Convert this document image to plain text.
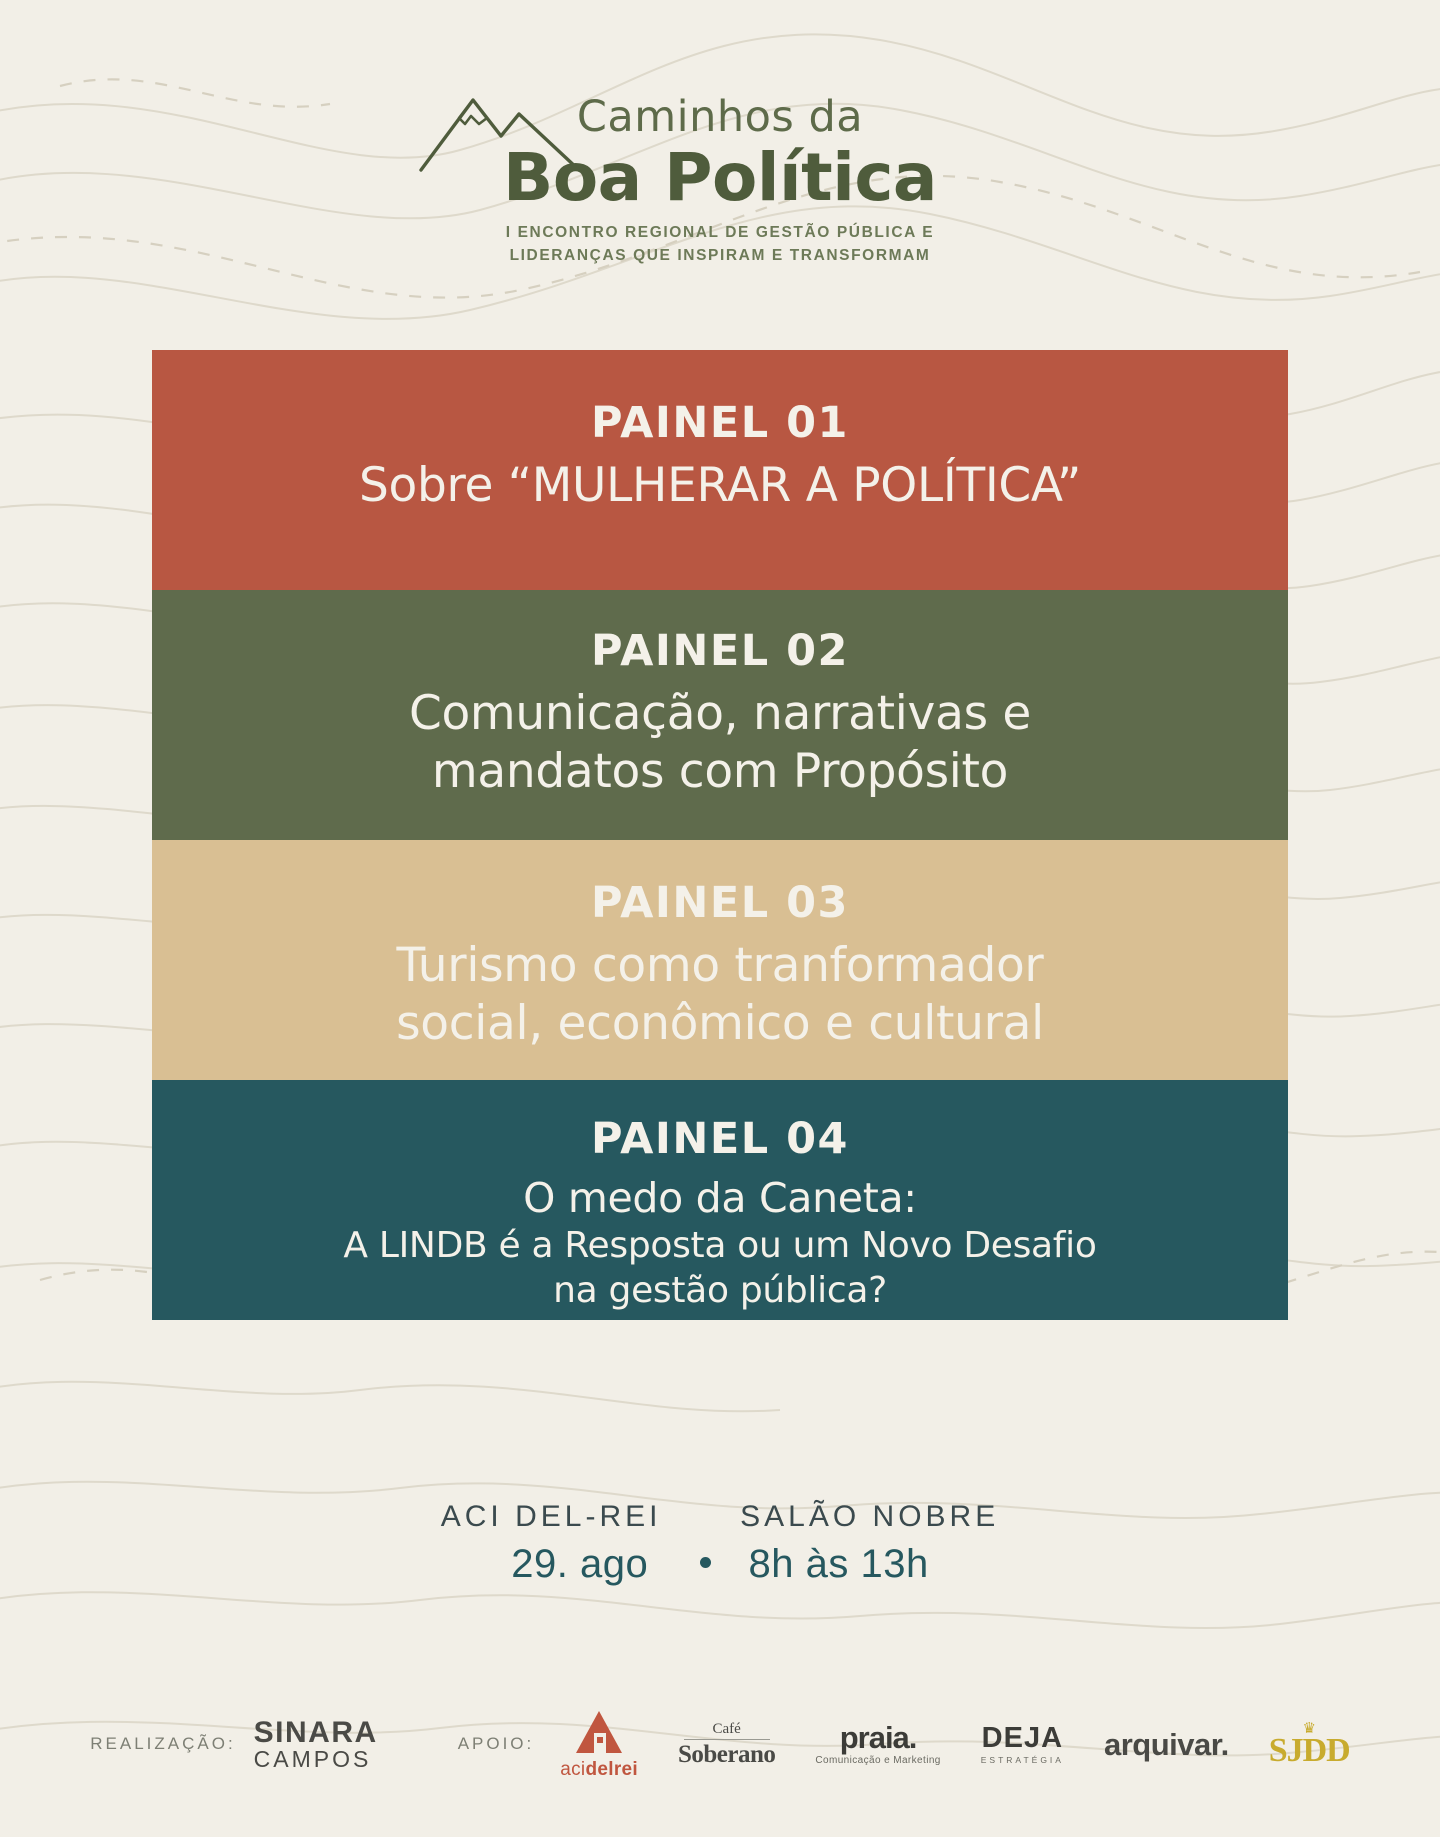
Caminhos da
Boa Política
I ENCONTRO REGIONAL DE GESTÃO PÚBLICA E
LIDERANÇAS QUE INSPIRAM E TRANSFORMAM
PAINEL 01
Sobre “MULHERAR A POLÍTICA”
PAINEL 02
Comunicação, narrativas e
mandatos com Propósito
PAINEL 03
Turismo como tranformador
social, econômico e cultural
PAINEL 04
O medo da Caneta:
A LINDB é a Resposta ou um Novo Desafio
na gestão pública?
ACI DEL-REI	SALÃO NOBRE
29. ago	8h às 13h
REALIZAÇÃO: SINARA
CAMPOS
APOIO:
acidelrei
Café
Soberano praia.
Comunicação e Marketing
DEJA
ESTRATÉGIA arquivar.	♛
SJDD
